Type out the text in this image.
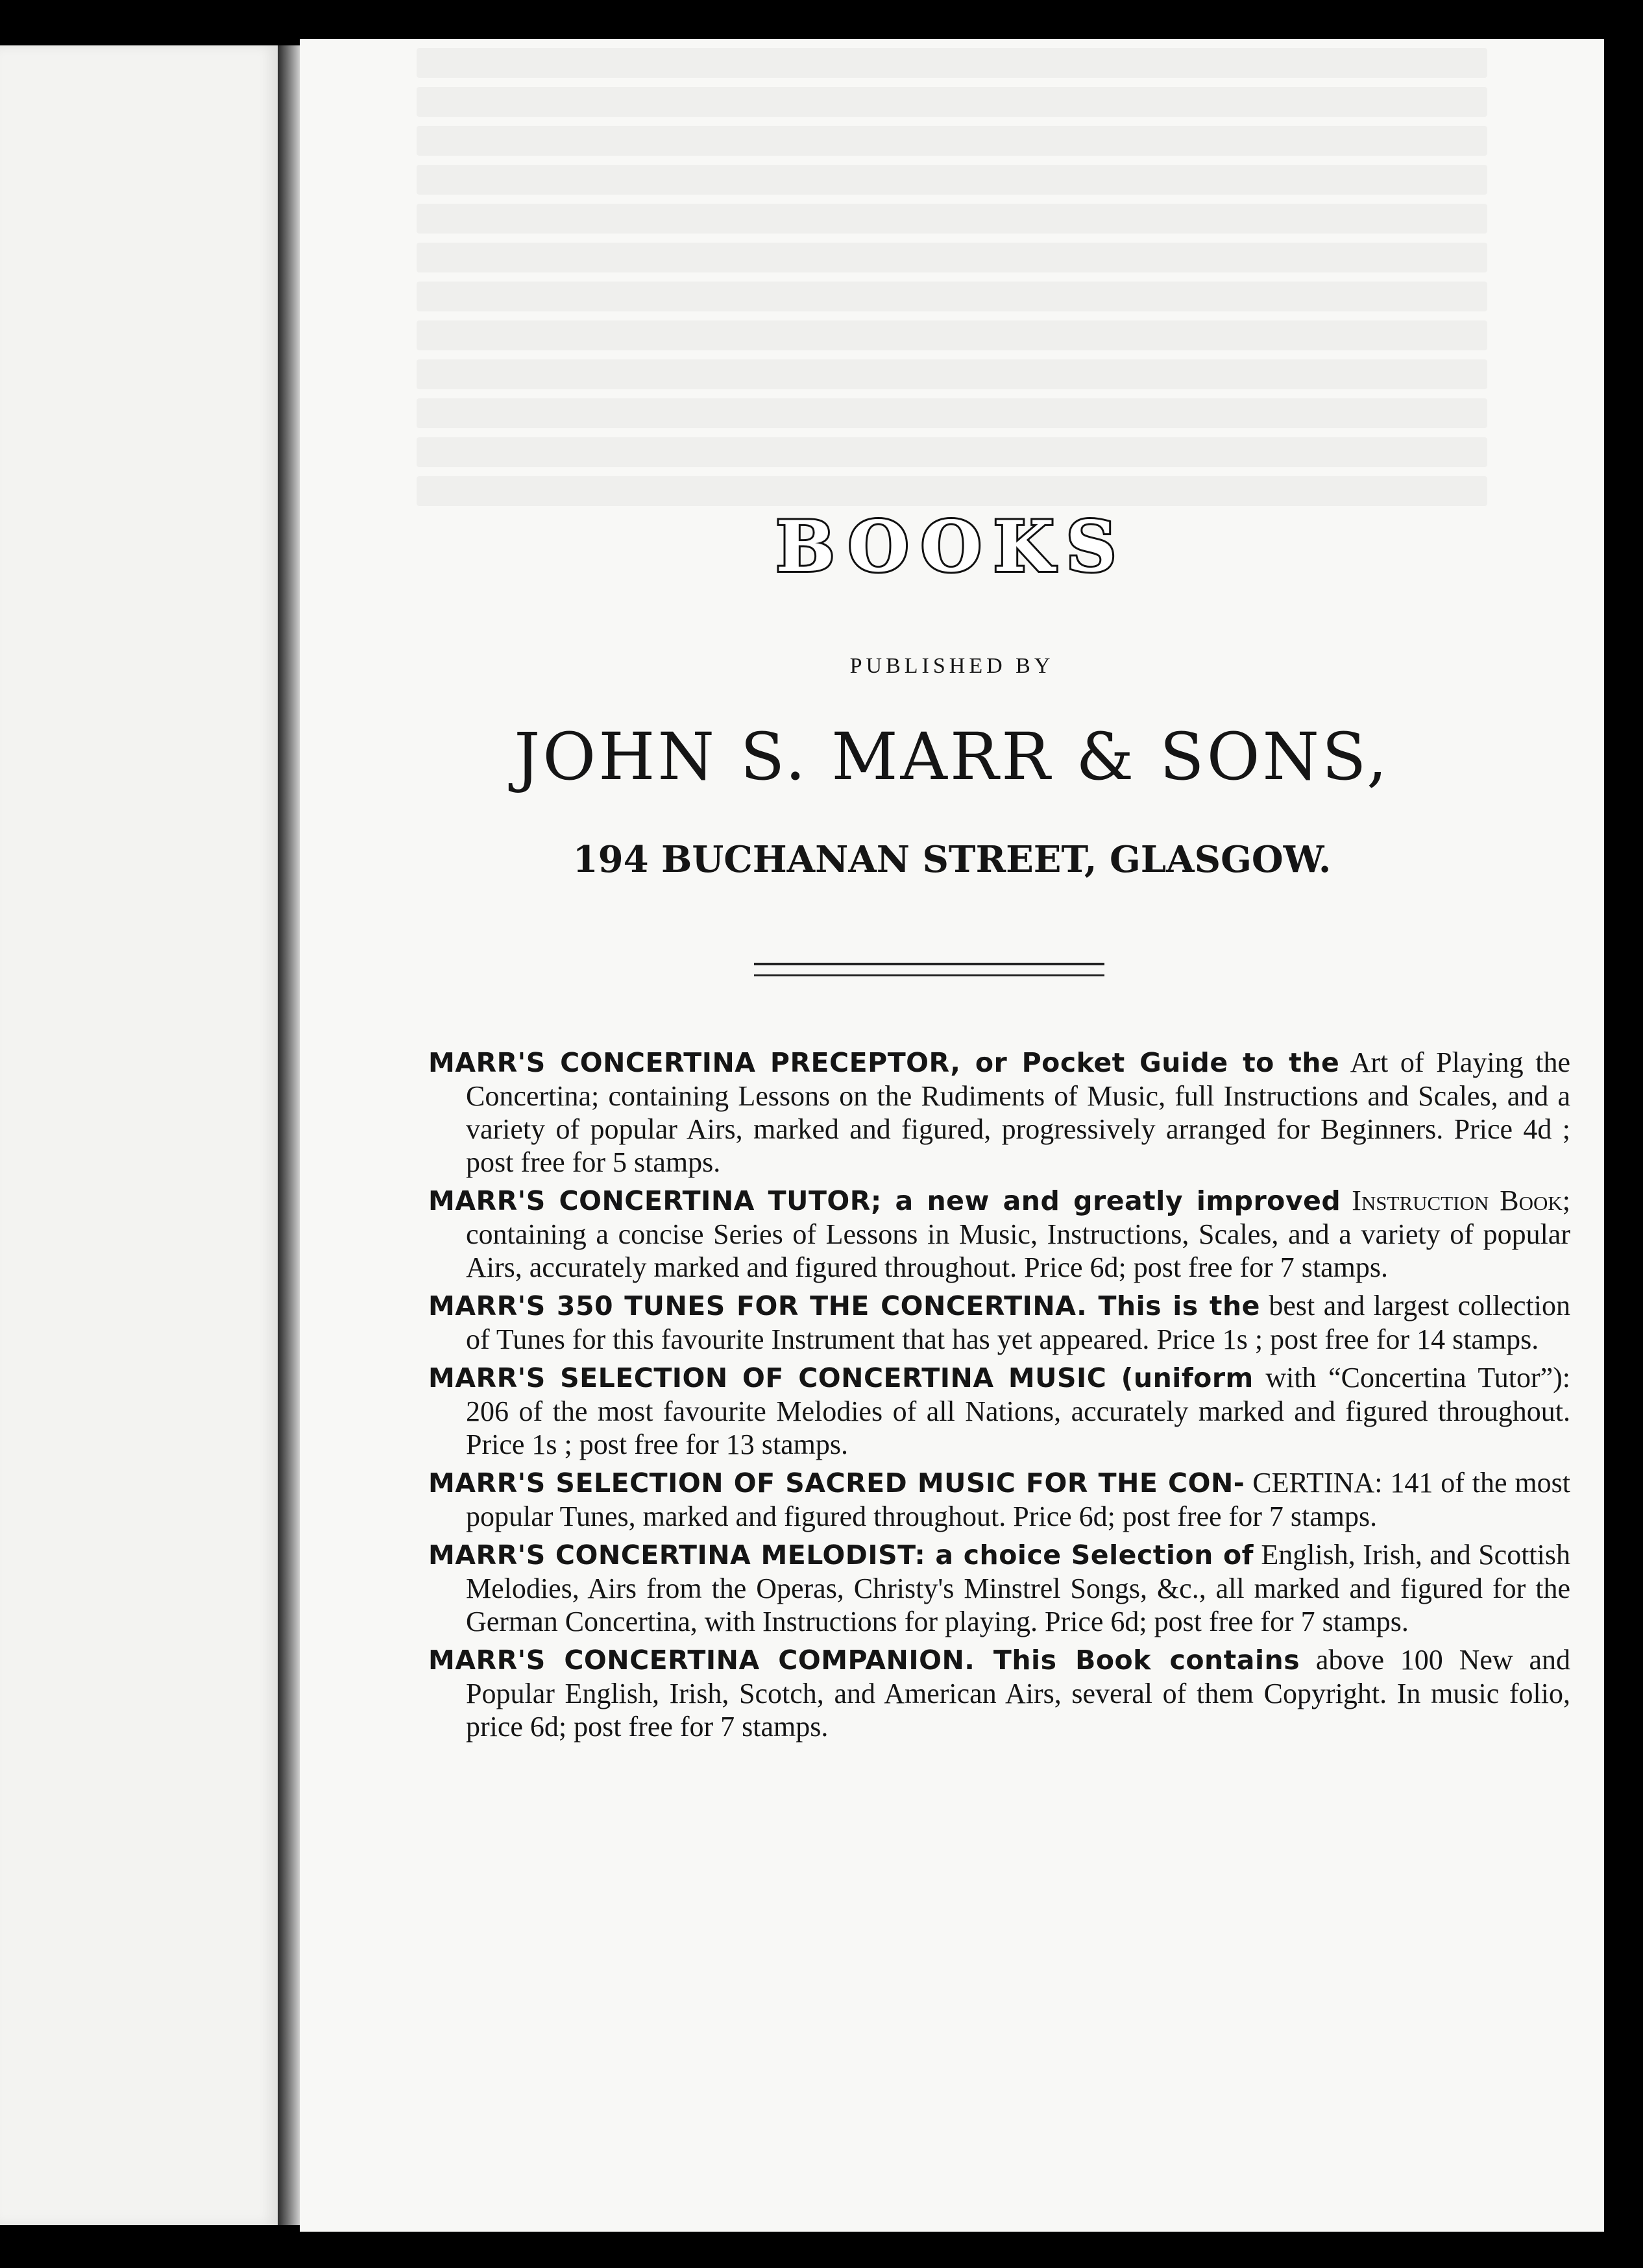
BOOKS
PUBLISHED BY
JOHN S. MARR & SONS,
194 BUCHANAN STREET, GLASGOW.
MARR'S CONCERTINA PRECEPTOR, or Pocket Guide to the Art of Playing the Concertina; containing Lessons on the Rudiments of Music, full Instructions and Scales, and a variety of popular Airs, marked and figured, progressively arranged for Beginners. Price 4d ; post free for 5 stamps.
MARR'S CONCERTINA TUTOR; a new and greatly improved Instruction Book; containing a concise Series of Lessons in Music, Instructions, Scales, and a variety of popular Airs, accurately marked and figured throughout. Price 6d; post free for 7 stamps.
MARR'S 350 TUNES FOR THE CONCERTINA. This is the best and largest collection of Tunes for this favourite Instrument that has yet appeared. Price 1s ; post free for 14 stamps.
MARR'S SELECTION OF CONCERTINA MUSIC (uniform with “Concertina Tutor”): 206 of the most favourite Melodies of all Nations, accurately marked and figured throughout. Price 1s ; post free for 13 stamps.
MARR'S SELECTION OF SACRED MUSIC FOR THE CON- CERTINA: 141 of the most popular Tunes, marked and figured throughout. Price 6d; post free for 7 stamps.
MARR'S CONCERTINA MELODIST: a choice Selection of English, Irish, and Scottish Melodies, Airs from the Operas, Christy's Minstrel Songs, &c., all marked and figured for the German Concertina, with Instructions for playing. Price 6d; post free for 7 stamps.
MARR'S CONCERTINA COMPANION. This Book contains above 100 New and Popular English, Irish, Scotch, and American Airs, several of them Copyright. In music folio, price 6d; post free for 7 stamps.
